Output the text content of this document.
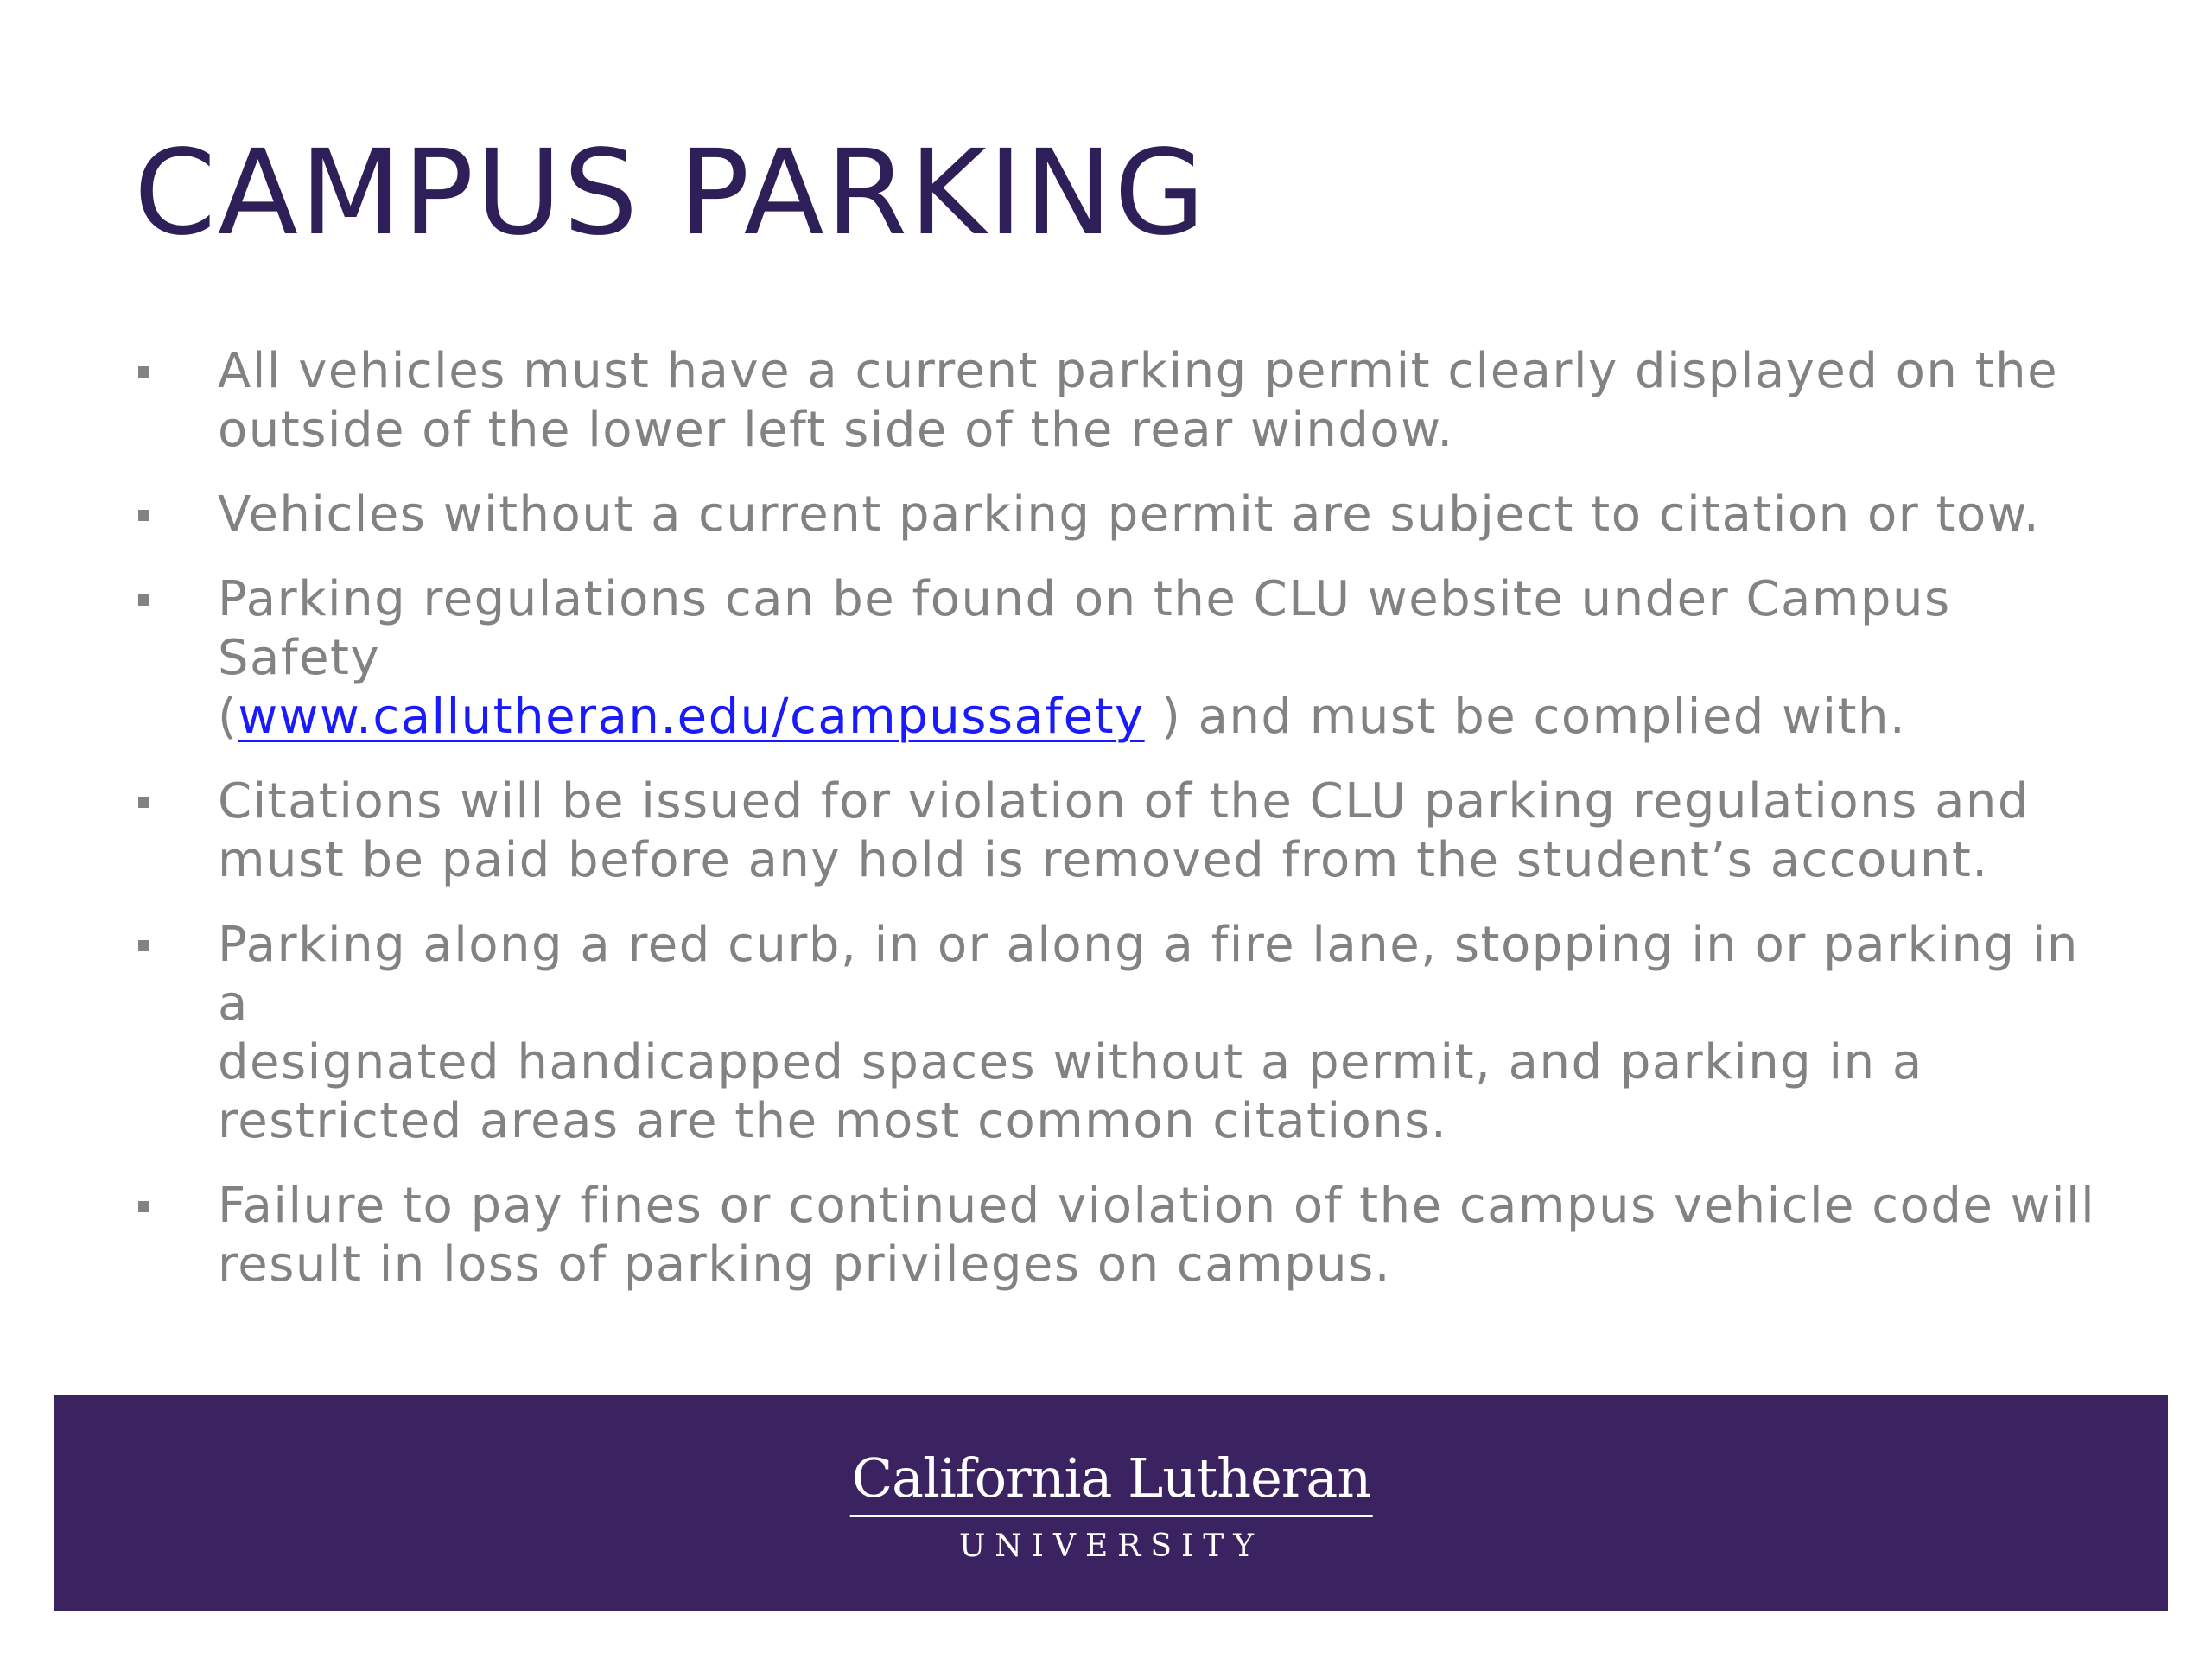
CAMPUS PARKING
All vehicles must have a current parking permit clearly displayed on the
outside of the lower left side of the rear window.
Vehicles without a current parking permit are subject to citation or tow.
Parking regulations can be found on the CLU website under Campus Safety
(www.callutheran.edu/campussafety ) and must be complied with.
Citations will be issued for violation of the CLU parking regulations and
must be paid before any hold is removed from the student’s account.
Parking along a red curb, in or along a fire lane, stopping in or parking in a
designated handicapped spaces without a permit, and parking in a
restricted areas are the most common citations.
Failure to pay fines or continued violation of the campus vehicle code will
result in loss of parking privileges on campus.
California Lutheran
UNIVERSITY
